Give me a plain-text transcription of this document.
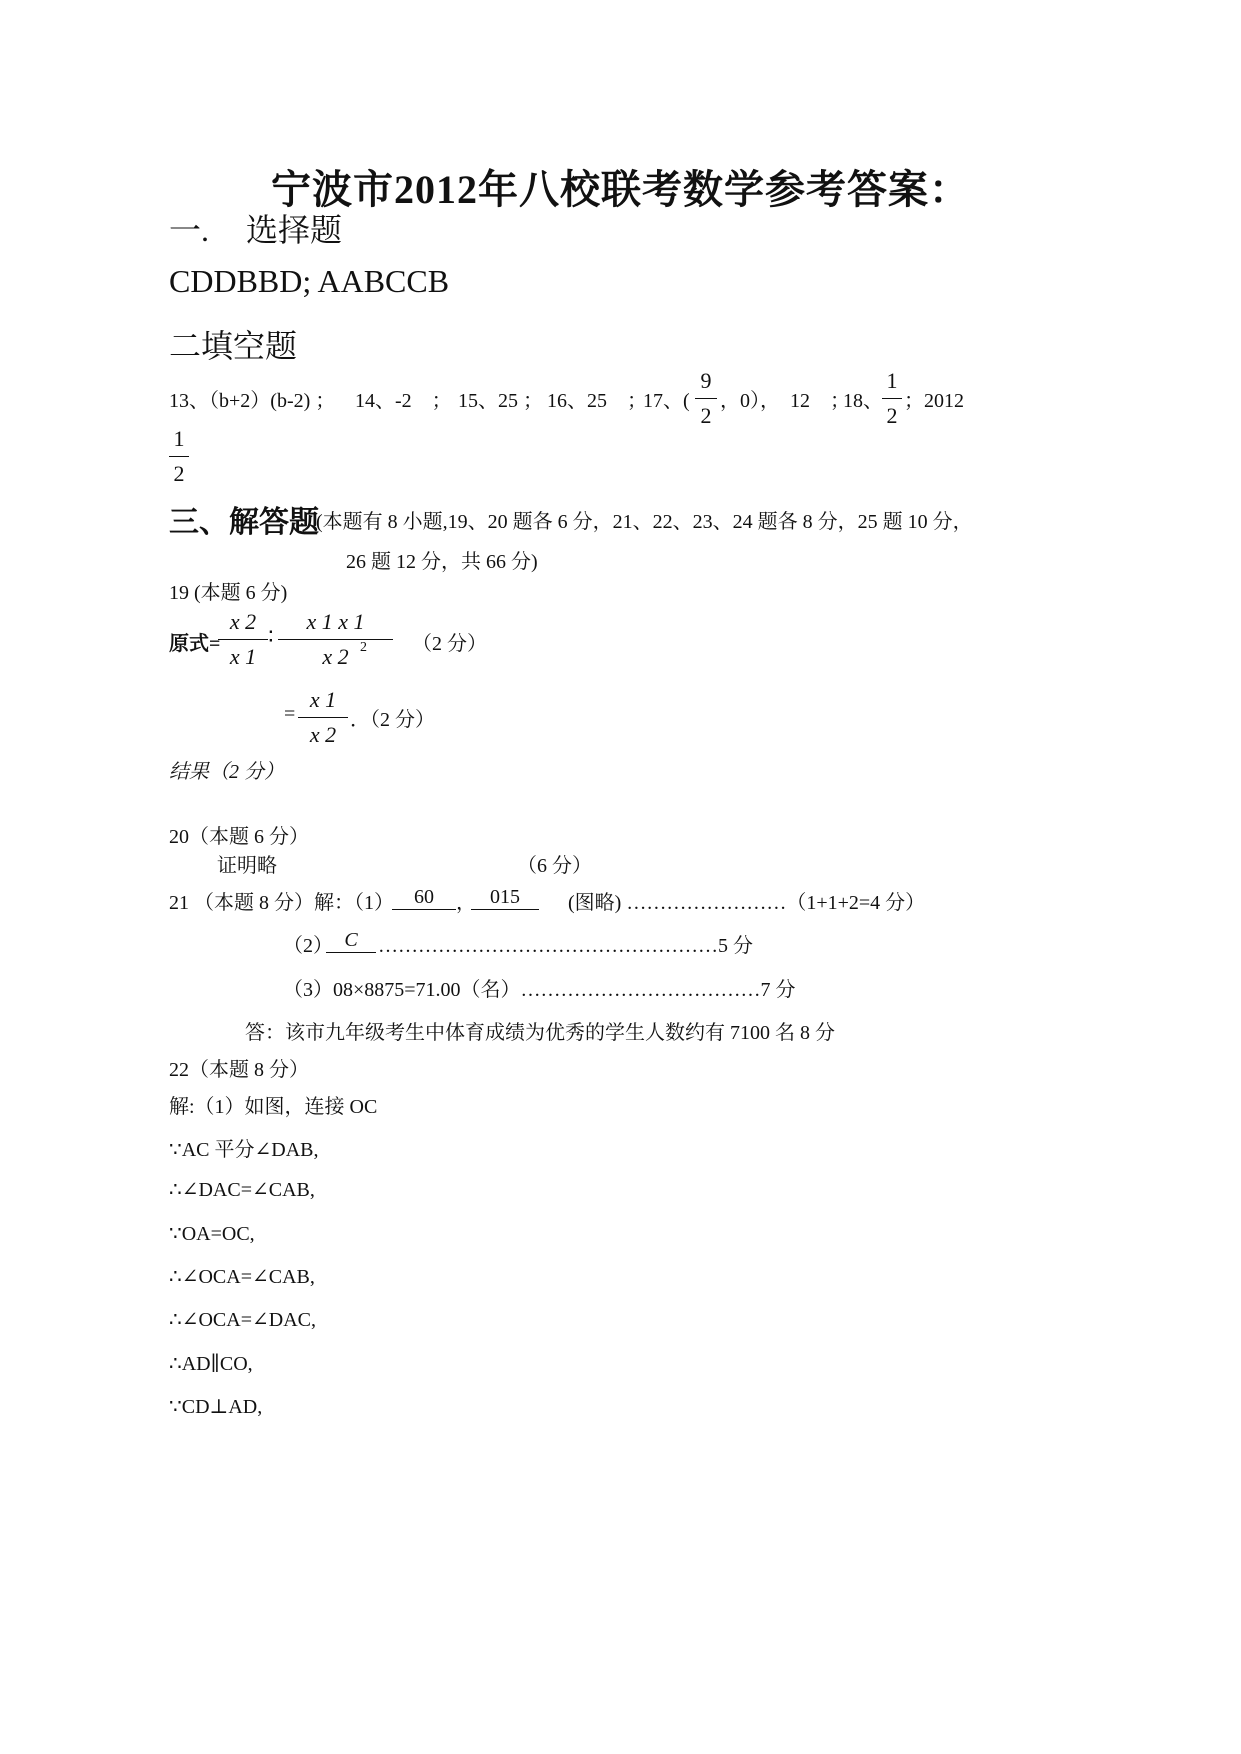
宁波市2012年八校联考数学参考答案：
一. 选择题
CDDBBD; AABCCB
二填空题
13、（b+2）(b-2) ； 14、-2　； 15、25 ； 16、25　；
17、(
9
2
，0），　12　；
18、
1
2
；2012
1
2
三、解答题
(本题有 8 小题,19、20 题各 6 分，21、22、23、24 题各 8 分，25 题 10 分，
26 题 12 分，共 66 分)
19 (本题 6 分)
原式=
x 2
x 1
∶
x 1 x 1
x 2 2 （2 分）
=
x 1
x 2
．（2 分）
结果（2 分）
20（本题 6 分）
证明略	（6 分）
21 （本题 8 分）解：（1）	60	， 015	(图略) ……………………（1+1+2=4 分）
（2） C	……………………………………………5 分
（3）08×8875=71.00（名）………………………………7 分
答：该市九年级考生中体育成绩为优秀的学生人数约有 7100 名 8 分
22（本题 8 分）
解:（1）如图，连接 OC
∵AC 平分∠DAB,
∴∠DAC=∠CAB,
∵OA=OC,
∴∠OCA=∠CAB,
∴∠OCA=∠DAC,
∴AD∥CO,
∵CD⊥AD,
